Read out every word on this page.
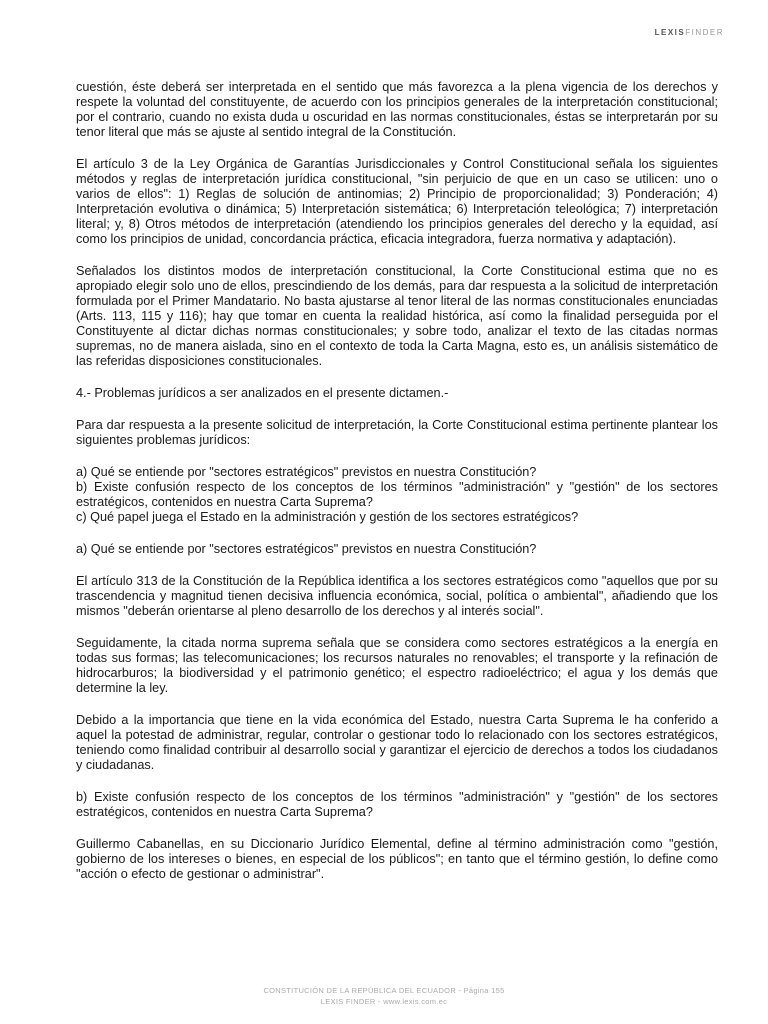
LEXISFINDER

cuestión, éste deberá ser interpretada en el sentido que más favorezca a la plena vigencia de los derechos y respete la voluntad del constituyente, de acuerdo con los principios generales de la interpretación constitucional; por el contrario, cuando no exista duda u oscuridad en las normas constitucionales, éstas se interpretarán por su tenor literal que más se ajuste al sentido integral de la Constitución.

El artículo 3 de la Ley Orgánica de Garantías Jurisdiccionales y Control Constitucional señala los siguientes métodos y reglas de interpretación jurídica constitucional, "sin perjuicio de que en un caso se utilicen: uno o varios de ellos": 1) Reglas de solución de antinomias; 2) Principio de proporcionalidad; 3) Ponderación; 4) Interpretación evolutiva o dinámica; 5) Interpretación sistemática; 6) Interpretación teleológica; 7) interpretación literal; y, 8) Otros métodos de interpretación (atendiendo los principios generales del derecho y la equidad, así como los principios de unidad, concordancia práctica, eficacia integradora, fuerza normativa y adaptación).

Señalados los distintos modos de interpretación constitucional, la Corte Constitucional estima que no es apropiado elegir solo uno de ellos, prescindiendo de los demás, para dar respuesta a la solicitud de interpretación formulada por el Primer Mandatario. No basta ajustarse al tenor literal de las normas constitucionales enunciadas (Arts. 113, 115 y 116); hay que tomar en cuenta la realidad histórica, así como la finalidad perseguida por el Constituyente al dictar dichas normas constitucionales; y sobre todo, analizar el texto de las citadas normas supremas, no de manera aislada, sino en el contexto de toda la Carta Magna, esto es, un análisis sistemático de las referidas disposiciones constitucionales.

4.- Problemas jurídicos a ser analizados en el presente dictamen.-

Para dar respuesta a la presente solicitud de interpretación, la Corte Constitucional estima pertinente plantear los siguientes problemas jurídicos:

a) Qué se entiende por "sectores estratégicos" previstos en nuestra Constitución?
b) Existe confusión respecto de los conceptos de los términos "administración" y "gestión" de los sectores estratégicos, contenidos en nuestra Carta Suprema?
c) Qué papel juega el Estado en la administración y gestión de los sectores estratégicos?

a) Qué se entiende por "sectores estratégicos" previstos en nuestra Constitución?

El artículo 313 de la Constitución de la República identifica a los sectores estratégicos como "aquellos que por su trascendencia y magnitud tienen decisiva influencia económica, social, política o ambiental", añadiendo que los mismos "deberán orientarse al pleno desarrollo de los derechos y al interés social".

Seguidamente, la citada norma suprema señala que se considera como sectores estratégicos a la energía en todas sus formas; las telecomunicaciones; los recursos naturales no renovables; el transporte y la refinación de hidrocarburos; la biodiversidad y el patrimonio genético; el espectro radioeléctrico; el agua y los demás que determine la ley.

Debido a la importancia que tiene en la vida económica del Estado, nuestra Carta Suprema le ha conferido a aquel la potestad de administrar, regular, controlar o gestionar todo lo relacionado con los sectores estratégicos, teniendo como finalidad contribuir al desarrollo social y garantizar el ejercicio de derechos a todos los ciudadanos y ciudadanas.

b) Existe confusión respecto de los conceptos de los términos "administración" y "gestión" de los sectores estratégicos, contenidos en nuestra Carta Suprema?

Guillermo Cabanellas, en su Diccionario Jurídico Elemental, define al término administración como "gestión, gobierno de los intereses o bienes, en especial de los públicos"; en tanto que el término gestión, lo define como "acción o efecto de gestionar o administrar".

CONSTITUCIÓN DE LA REPÚBLICA DEL ECUADOR - Página 155
LEXIS FINDER - www.lexis.com.ec
